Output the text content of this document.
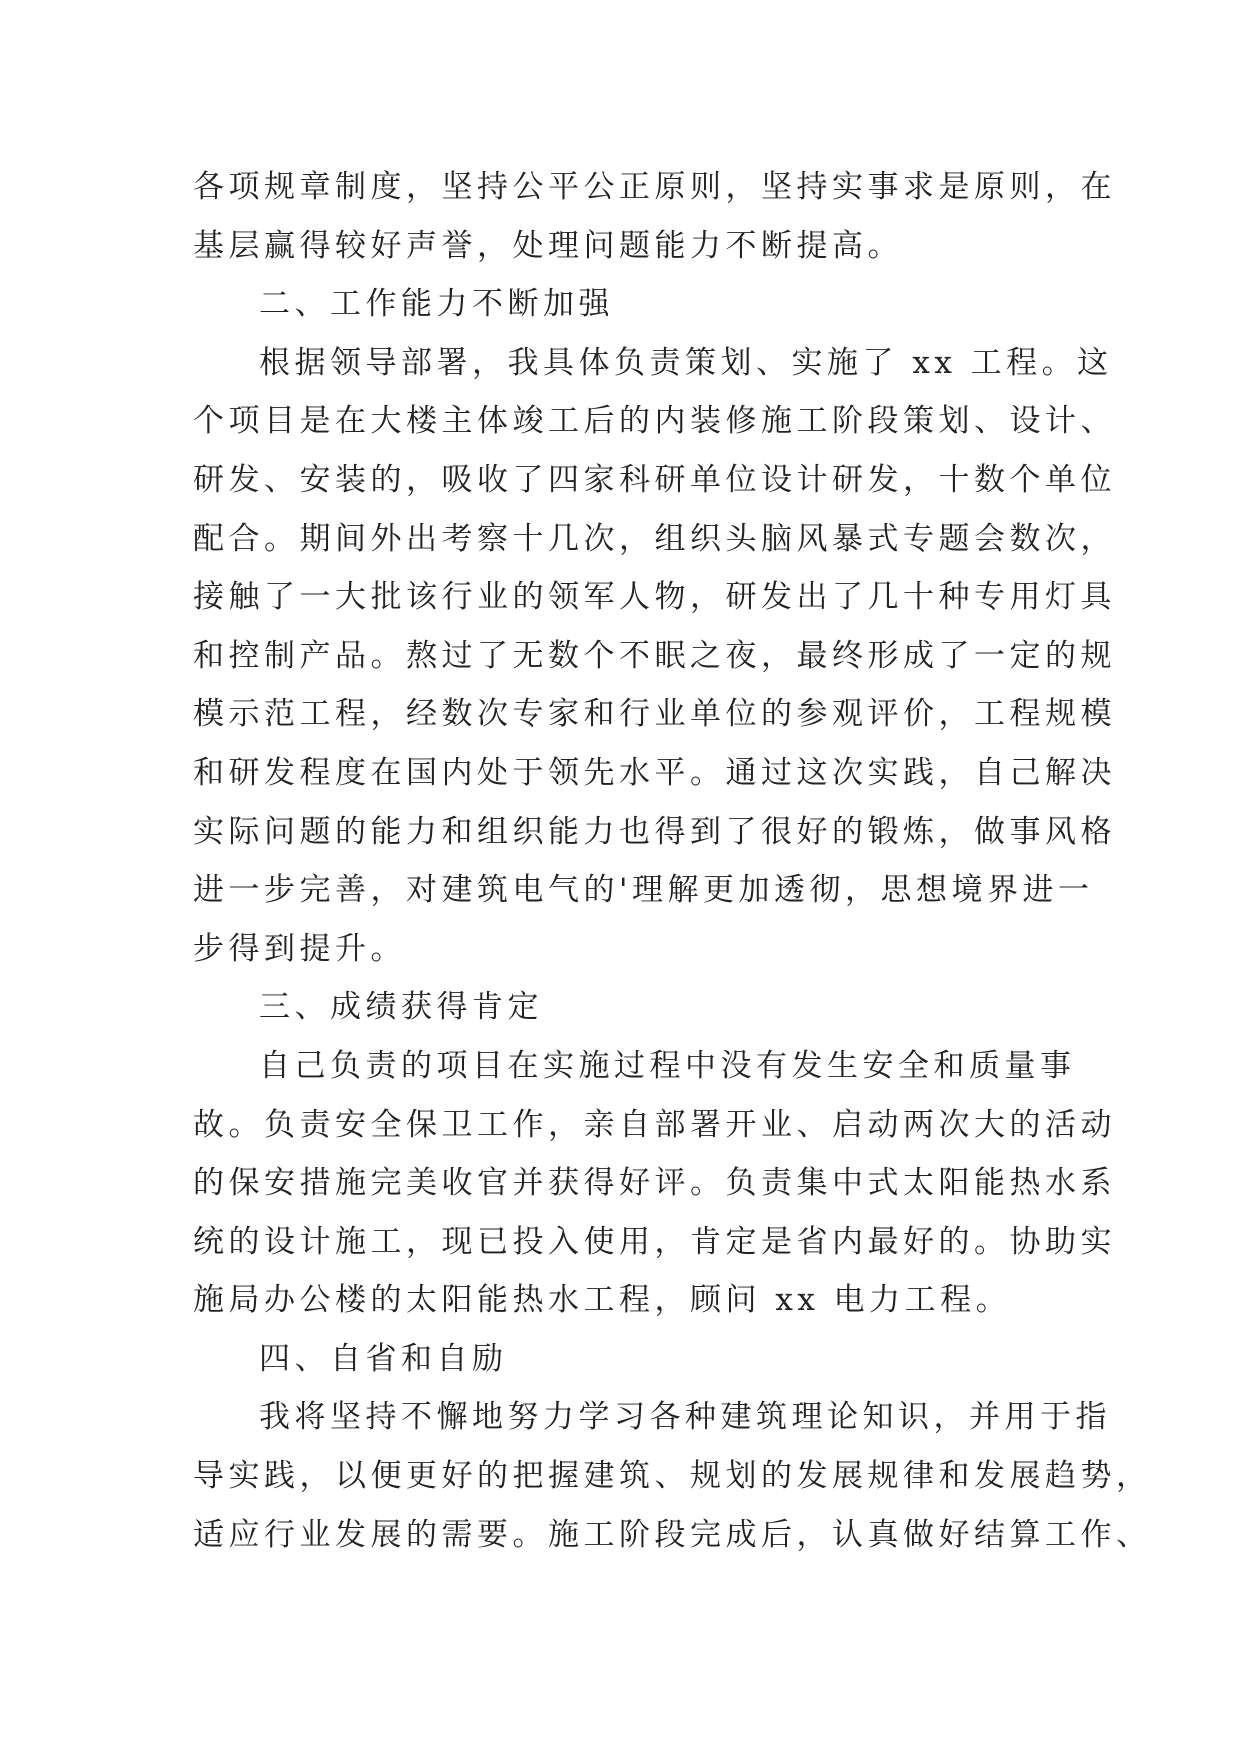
各项规章制度，坚持公平公正原则，坚持实事求是原则，在
基层赢得较好声誉，处理问题能力不断提高。
二、工作能力不断加强
根据领导部署，我具体负责策划、实施了 xx 工程。这
个项目是在大楼主体竣工后的内装修施工阶段策划、设计、
研发、安装的，吸收了四家科研单位设计研发，十数个单位
配合。期间外出考察十几次，组织头脑风暴式专题会数次，
接触了一大批该行业的领军人物，研发出了几十种专用灯具
和控制产品。熬过了无数个不眠之夜，最终形成了一定的规
模示范工程，经数次专家和行业单位的参观评价，工程规模
和研发程度在国内处于领先水平。通过这次实践，自己解决
实际问题的能力和组织能力也得到了很好的锻炼，做事风格
进一步完善，对建筑电气的'理解更加透彻，思想境界进一
步得到提升。
三、成绩获得肯定
自己负责的项目在实施过程中没有发生安全和质量事
故。负责安全保卫工作，亲自部署开业、启动两次大的活动
的保安措施完美收官并获得好评。负责集中式太阳能热水系
统的设计施工，现已投入使用，肯定是省内最好的。协助实
施局办公楼的太阳能热水工程，顾问 xx 电力工程。
四、自省和自励
我将坚持不懈地努力学习各种建筑理论知识，并用于指
导实践，以便更好的把握建筑、规划的发展规律和发展趋势，
适应行业发展的需要。施工阶段完成后，认真做好结算工作、
